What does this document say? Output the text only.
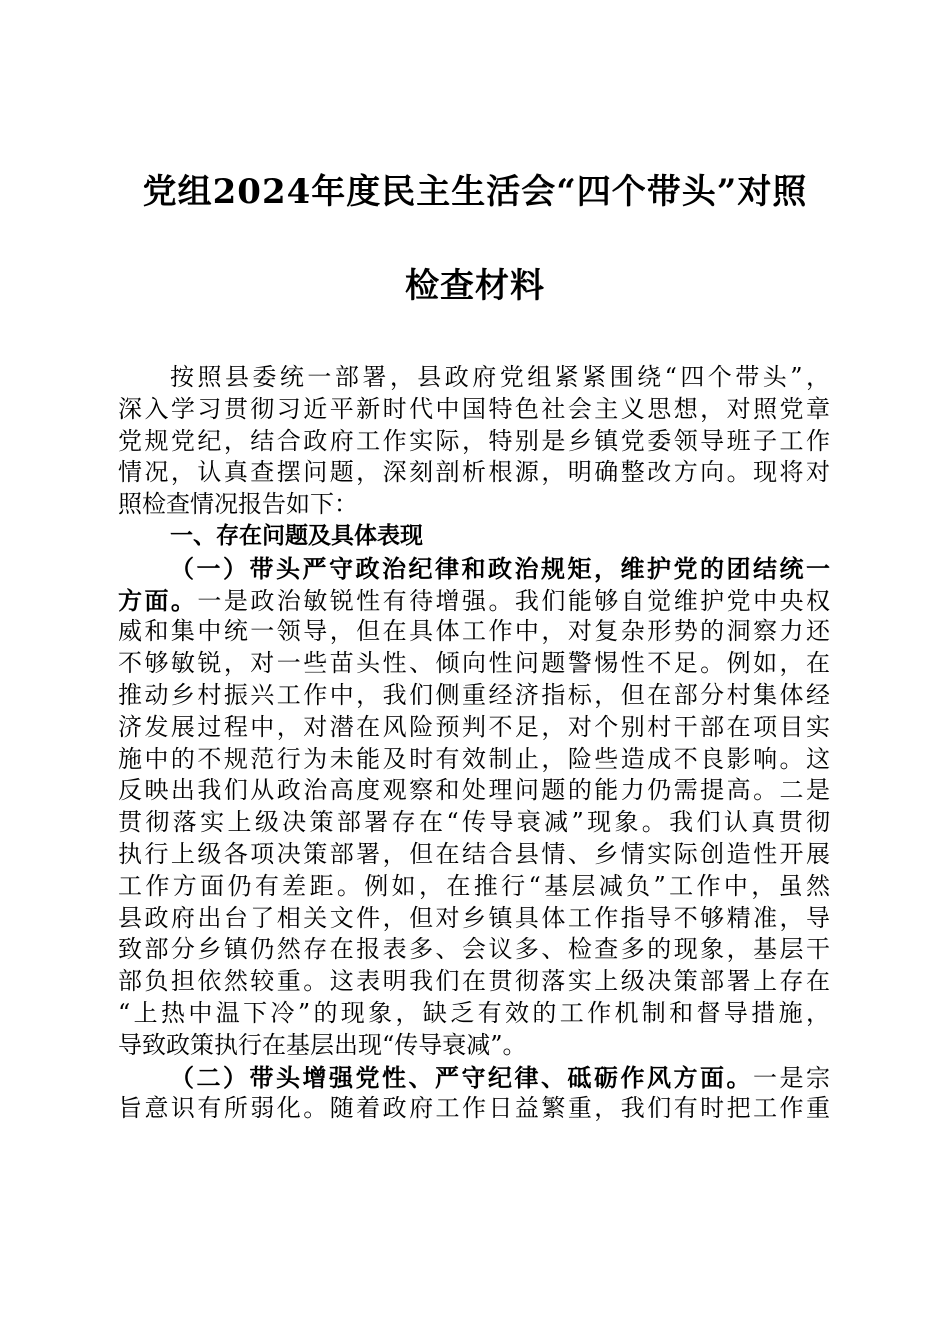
党组2024年度民主生活会“四个带头”对照
检查材料
按照县委统一部署，县政府党组紧紧围绕“四个带头”，
深入学习贯彻习近平新时代中国特色社会主义思想，对照党章
党规党纪，结合政府工作实际，特别是乡镇党委领导班子工作
情况，认真查摆问题，深刻剖析根源，明确整改方向。现将对
照检查情况报告如下：
一、存在问题及具体表现
（一）带头严守政治纪律和政治规矩，维护党的团结统一
方面。一是政治敏锐性有待增强。我们能够自觉维护党中央权
威和集中统一领导，但在具体工作中，对复杂形势的洞察力还
不够敏锐，对一些苗头性、倾向性问题警惕性不足。例如，在
推动乡村振兴工作中，我们侧重经济指标，但在部分村集体经
济发展过程中，对潜在风险预判不足，对个别村干部在项目实
施中的不规范行为未能及时有效制止，险些造成不良影响。这
反映出我们从政治高度观察和处理问题的能力仍需提高。二是
贯彻落实上级决策部署存在“传导衰减”现象。我们认真贯彻
执行上级各项决策部署，但在结合县情、乡情实际创造性开展
工作方面仍有差距。例如，在推行“基层减负”工作中，虽然
县政府出台了相关文件，但对乡镇具体工作指导不够精准，导
致部分乡镇仍然存在报表多、会议多、检查多的现象，基层干
部负担依然较重。这表明我们在贯彻落实上级决策部署上存在
“上热中温下冷”的现象，缺乏有效的工作机制和督导措施，
导致政策执行在基层出现“传导衰减”。
（二）带头增强党性、严守纪律、砥砺作风方面。一是宗
旨意识有所弱化。随着政府工作日益繁重，我们有时把工作重
